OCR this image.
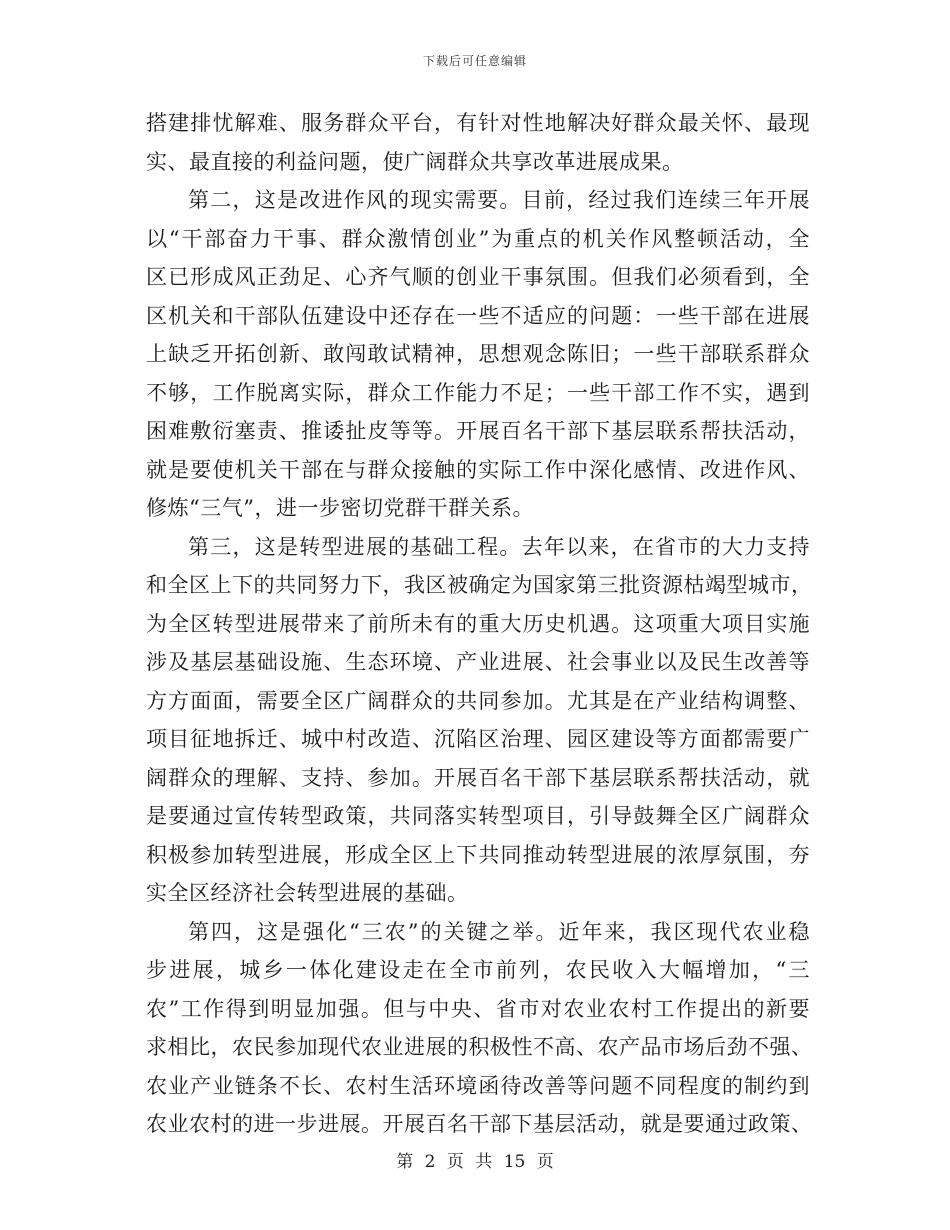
下载后可任意编辑
搭建排忧解难、服务群众平台，有针对性地解决好群众最关怀、最现
实、最直接的利益问题，使广阔群众共享改革进展成果。
第二，这是改进作风的现实需要。目前，经过我们连续三年开展
以“干部奋力干事、群众激情创业”为重点的机关作风整顿活动，全
区已形成风正劲足、心齐气顺的创业干事氛围。但我们必须看到，全
区机关和干部队伍建设中还存在一些不适应的问题：一些干部在进展
上缺乏开拓创新、敢闯敢试精神，思想观念陈旧；一些干部联系群众
不够，工作脱离实际，群众工作能力不足；一些干部工作不实，遇到
困难敷衍塞责、推诿扯皮等等。开展百名干部下基层联系帮扶活动，
就是要使机关干部在与群众接触的实际工作中深化感情、改进作风、
修炼“三气”，进一步密切党群干群关系。
第三，这是转型进展的基础工程。去年以来，在省市的大力支持
和全区上下的共同努力下，我区被确定为国家第三批资源枯竭型城市，
为全区转型进展带来了前所未有的重大历史机遇。这项重大项目实施
涉及基层基础设施、生态环境、产业进展、社会事业以及民生改善等
方方面面，需要全区广阔群众的共同参加。尤其是在产业结构调整、
项目征地拆迁、城中村改造、沉陷区治理、园区建设等方面都需要广
阔群众的理解、支持、参加。开展百名干部下基层联系帮扶活动，就
是要通过宣传转型政策，共同落实转型项目，引导鼓舞全区广阔群众
积极参加转型进展，形成全区上下共同推动转型进展的浓厚氛围，夯
实全区经济社会转型进展的基础。
第四，这是强化“三农”的关键之举。近年来，我区现代农业稳
步进展，城乡一体化建设走在全市前列，农民收入大幅增加，“三
农”工作得到明显加强。但与中央、省市对农业农村工作提出的新要
求相比，农民参加现代农业进展的积极性不高、农产品市场后劲不强、
农业产业链条不长、农村生活环境函待改善等问题不同程度的制约到
农业农村的进一步进展。开展百名干部下基层活动，就是要通过政策、
第 2 页 共 15 页
